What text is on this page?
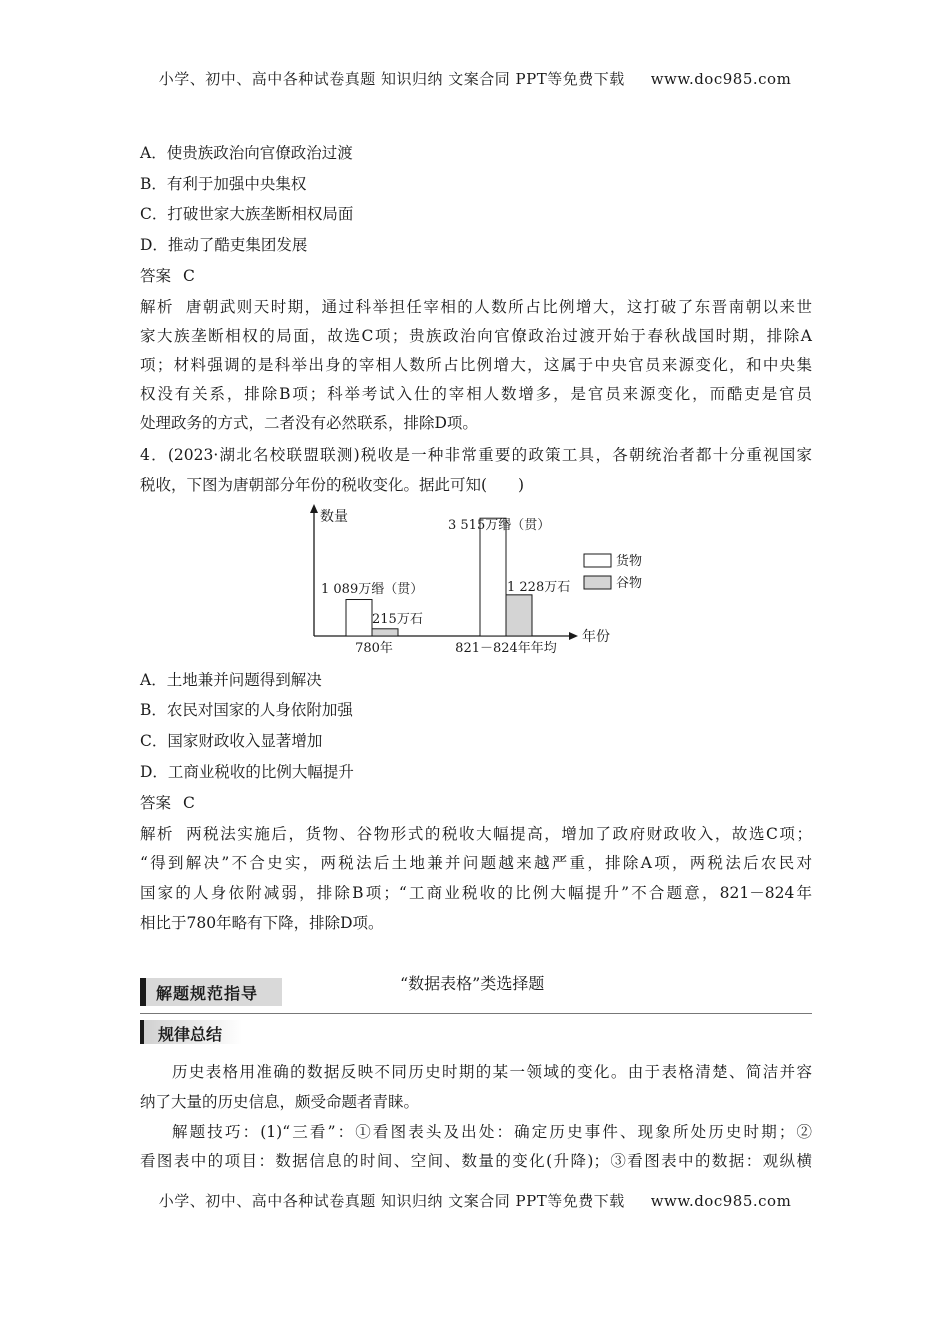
小学、初中、高中各种试卷真题 知识归纳 文案合同 PPT等免费下载 www.doc985.com
A．使贵族政治向官僚政治过渡
B．有利于加强中央集权
C．打破世家大族垄断相权局面
D．推动了酷吏集团发展
答案 C
解析 唐朝武则天时期，通过科举担任宰相的人数所占比例增大，这打破了东晋南朝以来世
家大族垄断相权的局面，故选C项；贵族政治向官僚政治过渡开始于春秋战国时期，排除A
项；材料强调的是科举出身的宰相人数所占比例增大，这属于中央官员来源变化，和中央集
权没有关系，排除B项；科举考试入仕的宰相人数增多，是官员来源变化，而酷吏是官员
处理政务的方式，二者没有必然联系，排除D项。
4．(2023·湖北名校联盟联测)税收是一种非常重要的政策工具，各朝统治者都十分重视国家
税收，下图为唐朝部分年份的税收变化。据此可知(　　)
数量
年份
780年	821－824年年均
1 089万缗（贯）
215万石
3 515万缗（贯）
1 228万石
货物
谷物
A．土地兼并问题得到解决
B．农民对国家的人身依附加强
C．国家财政收入显著增加
D．工商业税收的比例大幅提升
答案 C
解析 两税法实施后，货物、谷物形式的税收大幅提高，增加了政府财政收入，故选C项；
“得到解决”不合史实，两税法后土地兼并问题越来越严重，排除A项，两税法后农民对
国家的人身依附减弱，排除B项；“工商业税收的比例大幅提升”不合题意，821－824年
相比于780年略有下降，排除D项。
解题规范指导
“数据表格”类选择题
规律总结
历史表格用准确的数据反映不同历史时期的某一领域的变化。由于表格清楚、简洁并容
纳了大量的历史信息，颇受命题者青睐。
解题技巧：(1)“三看”：①看图表头及出处：确定历史事件、现象所处历史时期；②
看图表中的项目：数据信息的时间、空间、数量的变化(升降)；③看图表中的数据：观纵横
小学、初中、高中各种试卷真题 知识归纳 文案合同 PPT等免费下载 www.doc985.com
